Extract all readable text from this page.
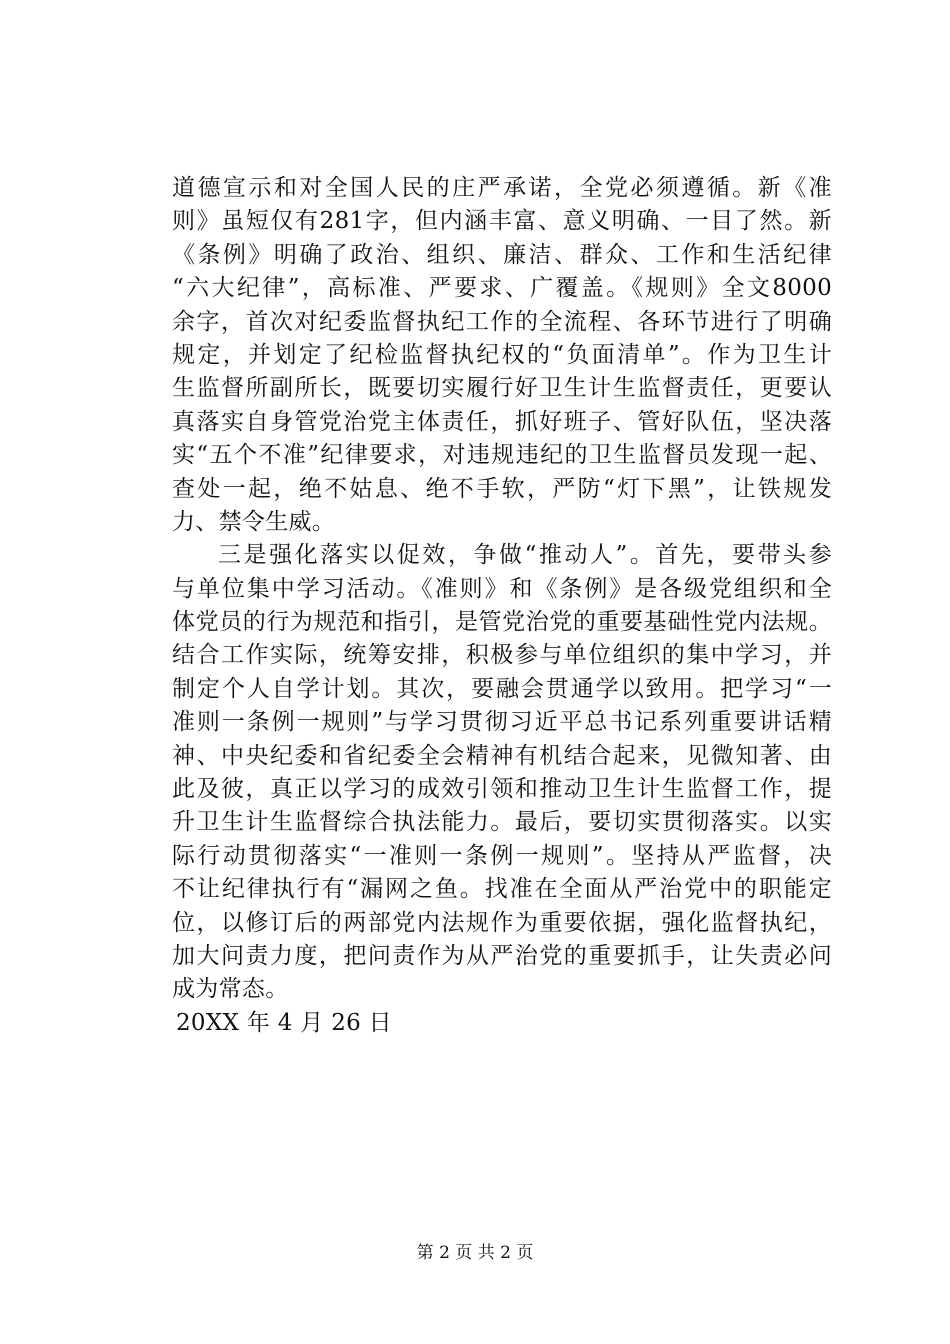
道德宣示和对全国人民的庄严承诺，全党必须遵循。新《准
则》虽短仅有281字，但内涵丰富、意义明确、一目了然。新
《条例》明确了政治、组织、廉洁、群众、工作和生活纪律
“六大纪律”，高标准、严要求、广覆盖。《规则》全文8000
余字，首次对纪委监督执纪工作的全流程、各环节进行了明确
规定，并划定了纪检监督执纪权的“负面清单”。作为卫生计
生监督所副所长，既要切实履行好卫生计生监督责任，更要认
真落实自身管党治党主体责任，抓好班子、管好队伍，坚决落
实“五个不准”纪律要求，对违规违纪的卫生监督员发现一起、
查处一起，绝不姑息、绝不手软，严防“灯下黑”，让铁规发
力、禁令生威。
三是强化落实以促效，争做“推动人”。首先，要带头参
与单位集中学习活动。《准则》和《条例》是各级党组织和全
体党员的行为规范和指引，是管党治党的重要基础性党内法规。
结合工作实际，统筹安排，积极参与单位组织的集中学习，并
制定个人自学计划。其次，要融会贯通学以致用。把学习“一
准则一条例一规则”与学习贯彻习近平总书记系列重要讲话精
神、中央纪委和省纪委全会精神有机结合起来，见微知著、由
此及彼，真正以学习的成效引领和推动卫生计生监督工作，提
升卫生计生监督综合执法能力。最后，要切实贯彻落实。以实
际行动贯彻落实“一准则一条例一规则”。坚持从严监督，决
不让纪律执行有“漏网之鱼。找准在全面从严治党中的职能定
位，以修订后的两部党内法规作为重要依据，强化监督执纪，
加大问责力度，把问责作为从严治党的重要抓手，让失责必问
成为常态。
20XX 年 4 月 26 日
第 2 页 共 2 页
